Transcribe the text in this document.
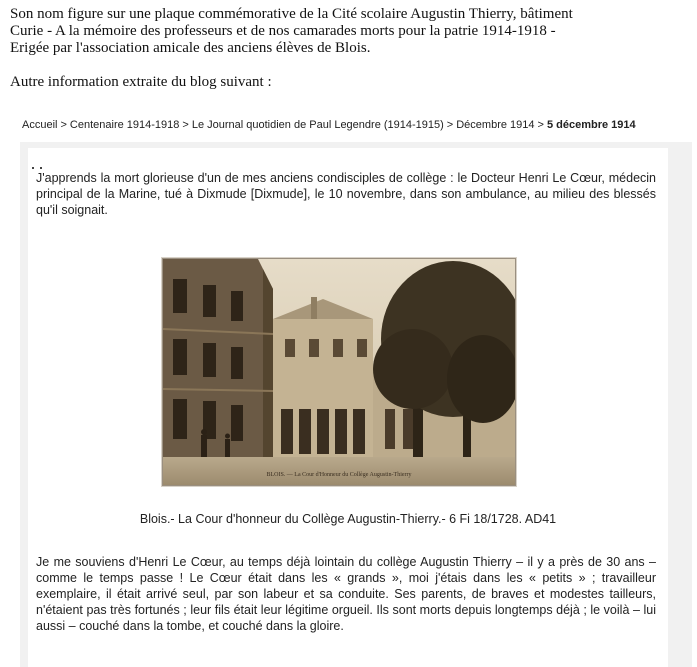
Son nom figure sur une plaque commémorative de la Cité scolaire Augustin Thierry, bâtiment

Curie - A la mémoire des professeurs et de nos camarades morts pour la patrie 1914-1918 -

Erigée par l'association amicale des anciens élèves de Blois.

Autre information extraite du blog suivant :

Accueil > Centenaire 1914-1918 > Le Journal quotidien de Paul Legendre (1914-1915) > Décembre 1914 > 5 décembre 1914

J'apprends la mort glorieuse d'un de mes anciens condisciples de collège : le Docteur Henri Le Cœur, médecin principal de la Marine, tué à Dixmude [Dixmude], le 10 novembre, dans son ambulance, au milieu des blessés qu'il soignait.

BLOIS. — La Cour d'Honneur du Collège Augustin-Thierry
Blois.- La Cour d'honneur du Collège Augustin-Thierry.- 6 Fi 18/1728. AD41

Je me souviens d'Henri Le Cœur, au temps déjà lointain du collège Augustin Thierry – il y a près de 30 ans – comme le temps passe ! Le Cœur était dans les « grands », moi j'étais dans les « petits » ; travailleur exemplaire, il était arrivé seul, par son labeur et sa conduite. Ses parents, de braves et modestes tailleurs, n'étaient pas très fortunés ; leur fils était leur légitime orgueil. Ils sont morts depuis longtemps déjà ; le voilà – lui aussi – couché dans la tombe, et couché dans la gloire.
